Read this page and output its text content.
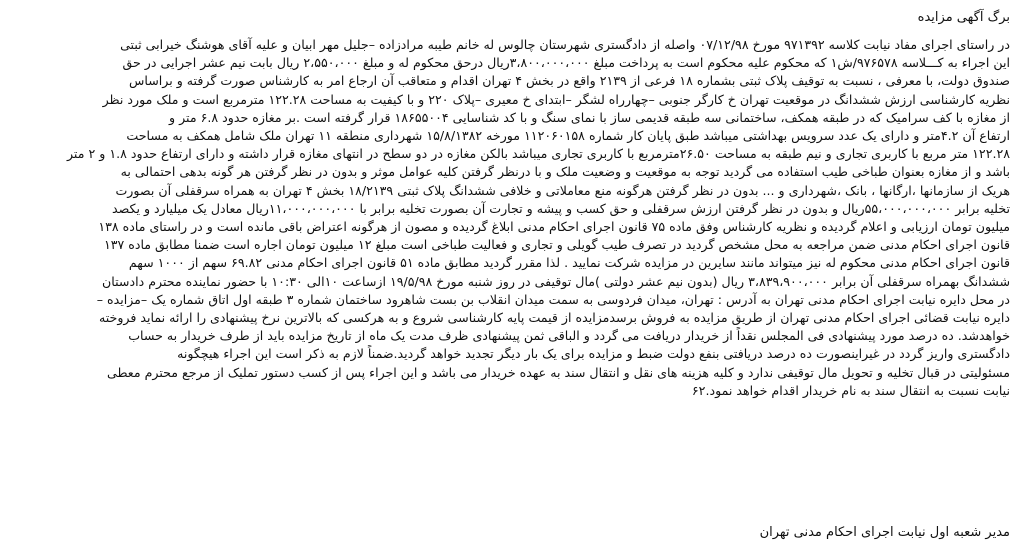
برگ آگهی مزایده
در راستای اجرای مفاد نیابت کلاسه ۹۷۱۳۹۲ مورخ ۰۷/۱۲/۹۸ واصله از دادگستری شهرستان چالوس له خانم طیبه مرادزاده –جلیل مهر ابیان و علیه آقای هوشنگ خیرابی ثبتی
این اجراء به کـــلاسه ۹۷۶۵۷۸/ش۱ که محکوم علیه محکوم است به پرداخت مبلغ ۳،۸۰۰،۰۰۰،۰۰۰ریال درحق محکوم له و مبلغ ۲،۵۵۰،۰۰۰ ریال بابت نیم عشر اجرایی در حق
صندوق دولت، با معرفی ، نسبت به توقیف پلاک ثبتی بشماره ۱۸ فرعی از ۲۱۳۹ واقع در بخش ۴ تهران اقدام و متعاقب آن ارجاع امر به کارشناس صورت گرفته و براساس
نظریه کارشناسی ارزش ششدانگ در موقعیت تهران خ کارگر جنوبی –چهارراه لشگر –ابتدای خ معیری –پلاک ۲۲۰ و با کیفیت به مساحت ۱۲۲.۲۸ مترمربع است و ملک مورد نظر
از مغازه با کف سرامیک که در طبقه همکف، ساختمانی سه طبقه قدیمی ساز با نمای سنگ و با کد شناسایی ۱۸۶۵۵۰۰۴ قرار گرفته است .بر مغازه حدود ۶.۸ متر و
ارتفاع آن ۴.۲متر و دارای یک عدد سرویس بهداشتی میباشد طبق پایان کار شماره ۱۱۲۰۶۰۱۵۸ مورخه ۱۵/۸/۱۳۸۲ شهرداری منطقه ۱۱ تهران ملک شامل همکف به مساحت
۱۲۲.۲۸ متر مربع با کاربری تجاری و نیم طبقه به مساحت ۲۶.۵۰مترمربع با کاربری تجاری میباشد بالکن مغازه در دو سطح در انتهای مغازه قرار داشته و دارای ارتفاع حدود ۱.۸ و ۲ متر
باشد و از مغازه بعنوان طباخی طیب استفاده می گردید توجه به موقعیت و وضعیت ملک و با درنظر گرفتن کلیه عوامل موثر و بدون در نظر گرفتن هر گونه بدهی احتمالی به
هریک از سازمانها ،ارگانها ، بانک ،شهرداری و ... بدون در نظر گرفتن هرگونه منع معاملاتی و خلافی ششدانگ پلاک ثبتی ۱۸/۲۱۳۹ بخش ۴ تهران به همراه سرقفلی آن بصورت
تخلیه برابر ۵۵،۰۰۰،۰۰۰،۰۰۰ریال و بدون در نظر گرفتن ارزش سرقفلی و حق کسب و پیشه و تجارت آن بصورت تخلیه برابر با ۱۱،۰۰۰،۰۰۰،۰۰۰ریال معادل یک میلیارد و یکصد
میلیون تومان ارزیابی و اعلام گردیده و نظریه کارشناس وفق ماده ۷۵ قانون اجرای احکام مدنی ابلاغ گردیده و مصون از هرگونه اعتراض باقی مانده است و در راستای ماده ۱۳۸
قانون اجرای احکام مدنی ضمن مراجعه به محل مشخص گردید در تصرف طیب گویلی و تجاری و فعالیت طباخی است مبلغ ۱۲ میلیون تومان اجاره است ضمنا مطابق ماده ۱۳۷
قانون اجرای احکام مدنی محکوم له نیز میتواند مانند سایرین در مزایده شرکت نمایید . لذا مقرر گردید مطابق ماده ۵۱ قانون اجرای احکام مدنی ۶۹.۸۲ سهم از ۱۰۰۰ سهم
ششدانگ بهمراه سرقفلی آن برابر ۳،۸۳۹،۹۰۰،۰۰۰ ریال (بدون نیم عشر دولتی )مال توقیفی در روز شنبه مورخ ۱۹/۵/۹۸ ازساعت ۱۰الی ۱۰:۳۰ با حضور نماینده محترم دادستان
در محل دایره نیابت اجرای احکام مدنی تهران به آدرس : تهران، میدان فردوسی به سمت میدان انقلاب بن بست شاهرود ساختمان شماره ۳ طبقه اول اتاق شماره یک –مزایده –
دایره نیابت قضائی اجرای احکام مدنی تهران از طریق مزایده به فروش برسدمزایده از قیمت پایه کارشناسی شروع و به هرکسی که بالاترین نرخ پیشنهادی را ارائه نماید فروخته
خواهدشد. ده درصد مورد پیشنهادی فی المجلس نقداً از خریدار دریافت می گردد و الباقی ثمن پیشنهادی ظرف مدت یک ماه از تاریخ مزایده باید از طرف خریدار به حساب
دادگستری واریز گردد در غیراینصورت ده درصد دریافتی بنفع دولت ضبط و مزایده برای یک بار دیگر تجدید خواهد گردید.ضمناً لازم به ذکر است این اجراء هیچگونه
مسئولیتی در قبال تخلیه و تحویل مال توقیفی ندارد و کلیه هزینه های نقل و انتقال سند به عهده خریدار می باشد و این اجراء پس از کسب دستور تملیک از مرجع محترم معطی
نیابت نسبت به انتقال سند به نام خریدار اقدام خواهد نمود.۶۲
مدیر شعبه اول نیابت اجرای احکام مدنی تهران
